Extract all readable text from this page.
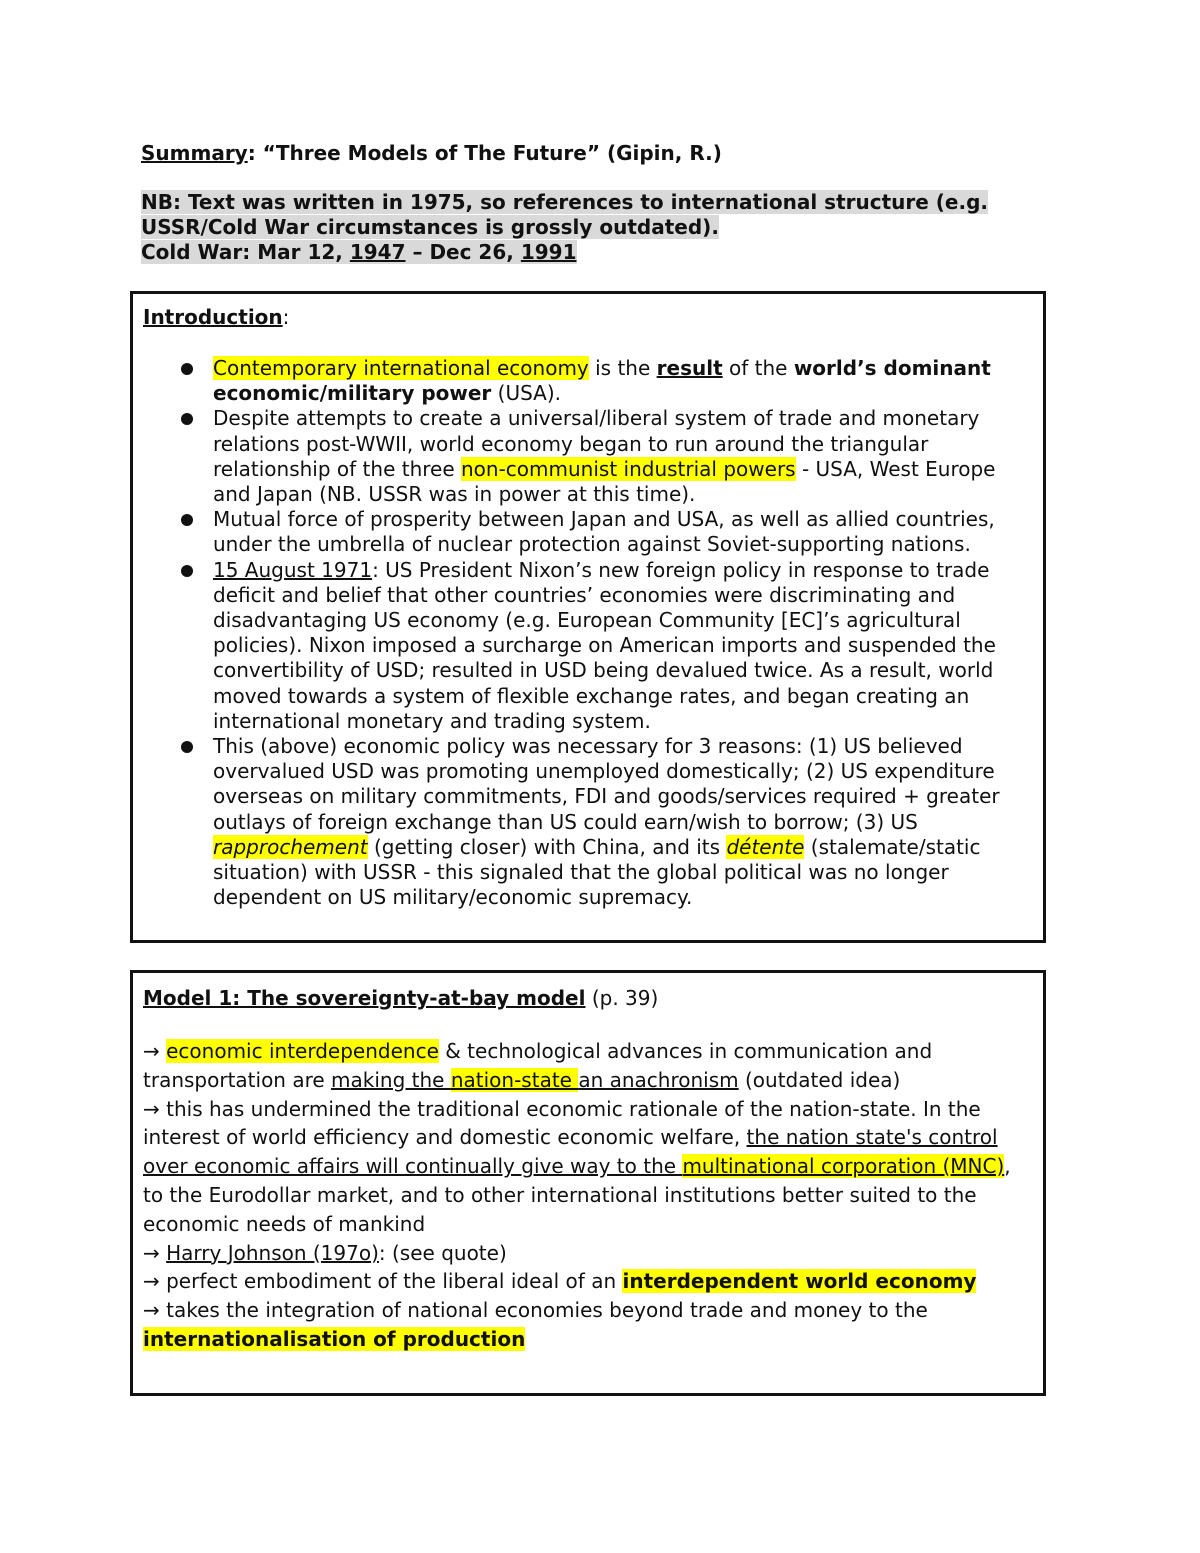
Summary: “Three Models of The Future” (Gipin, R.)

NB: Text was written in 1975, so references to international structure (e.g.
USSR/Cold War circumstances is grossly outdated).
Cold War: Mar 12, 1947 – Dec 26, 1991
Introduction:
Contemporary international economy is the result of the world’s dominant economic/military power (USA).
Despite attempts to create a universal/liberal system of trade and monetary relations post-WWII, world economy began to run around the triangular relationship of the three non-communist industrial powers - USA, West Europe and Japan (NB. USSR was in power at this time).
Mutual force of prosperity between Japan and USA, as well as allied countries, under the umbrella of nuclear protection against Soviet-supporting nations.
15 August 1971: US President Nixon’s new foreign policy in response to trade deficit and belief that other countries’ economies were discriminating and disadvantaging US economy (e.g. European Community [EC]’s agricultural policies). Nixon imposed a surcharge on American imports and suspended the convertibility of USD; resulted in USD being devalued twice. As a result, world moved towards a system of flexible exchange rates, and began creating an international monetary and trading system.
This (above) economic policy was necessary for 3 reasons: (1) US believed overvalued USD was promoting unemployed domestically; (2) US expenditure overseas on military commitments, FDI and goods/services required + greater outlays of foreign exchange than US could earn/wish to borrow; (3) US rapprochement (getting closer) with China, and its détente (stalemate/static situation) with USSR - this signaled that the global political was no longer dependent on US military/economic supremacy.
Model 1: The sovereignty-at-bay model (p. 39)

→ economic interdependence & technological advances in communication and transportation are making the nation-state an anachronism (outdated idea)

→ this has undermined the traditional economic rationale of the nation-state. In the interest of world efficiency and domestic economic welfare, the nation state's control over economic affairs will continually give way to the multinational corporation (MNC), to the Eurodollar market, and to other international institutions better suited to the economic needs of mankind

→ Harry Johnson (197o): (see quote)

→ perfect embodiment of the liberal ideal of an interdependent world economy

→ takes the integration of national economies beyond trade and money to the internationalisation of production
